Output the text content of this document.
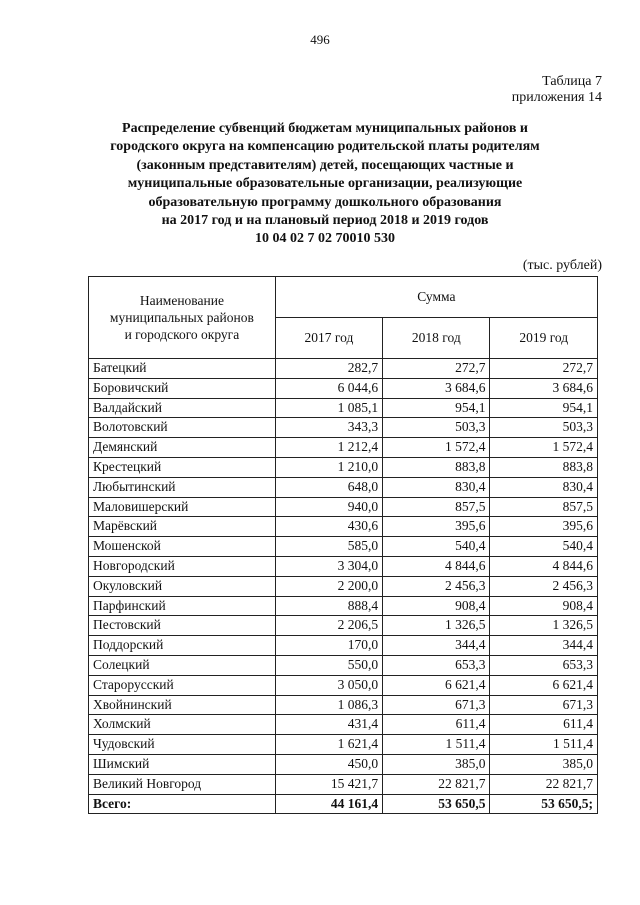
496
Таблица 7
приложения 14
Распределение субвенций бюджетам муниципальных районов и
городского округа на компенсацию родительской платы родителям
(законным представителям) детей, посещающих частные и
муниципальные образовательные организации, реализующие
образовательную программу дошкольного образования
на 2017 год и на плановый период 2018 и 2019 годов
10 04 02 7 02 70010 530
(тыс. рублей)
Наименование
муниципальных районов
и городского округа	Сумма		
	2017 год	2018 год	2019 год
Батецкий	282,7	272,7	272,7
Боровичский	6 044,6	3 684,6	3 684,6
Валдайский	1 085,1	954,1	954,1
Волотовский	343,3	503,3	503,3
Демянский	1 212,4	1 572,4	1 572,4
Крестецкий	1 210,0	883,8	883,8
Любытинский	648,0	830,4	830,4
Маловишерский	940,0	857,5	857,5
Марёвский	430,6	395,6	395,6
Мошенской	585,0	540,4	540,4
Новгородский	3 304,0	4 844,6	4 844,6
Окуловский	2 200,0	2 456,3	2 456,3
Парфинский	888,4	908,4	908,4
Пестовский	2 206,5	1 326,5	1 326,5
Поддорский	170,0	344,4	344,4
Солецкий	550,0	653,3	653,3
Старорусский	3 050,0	6 621,4	6 621,4
Хвойнинский	1 086,3	671,3	671,3
Холмский	431,4	611,4	611,4
Чудовский	1 621,4	1 511,4	1 511,4
Шимский	450,0	385,0	385,0
Великий Новгород	15 421,7	22 821,7	22 821,7
Всего:	44 161,4	53 650,5	53 650,5;
